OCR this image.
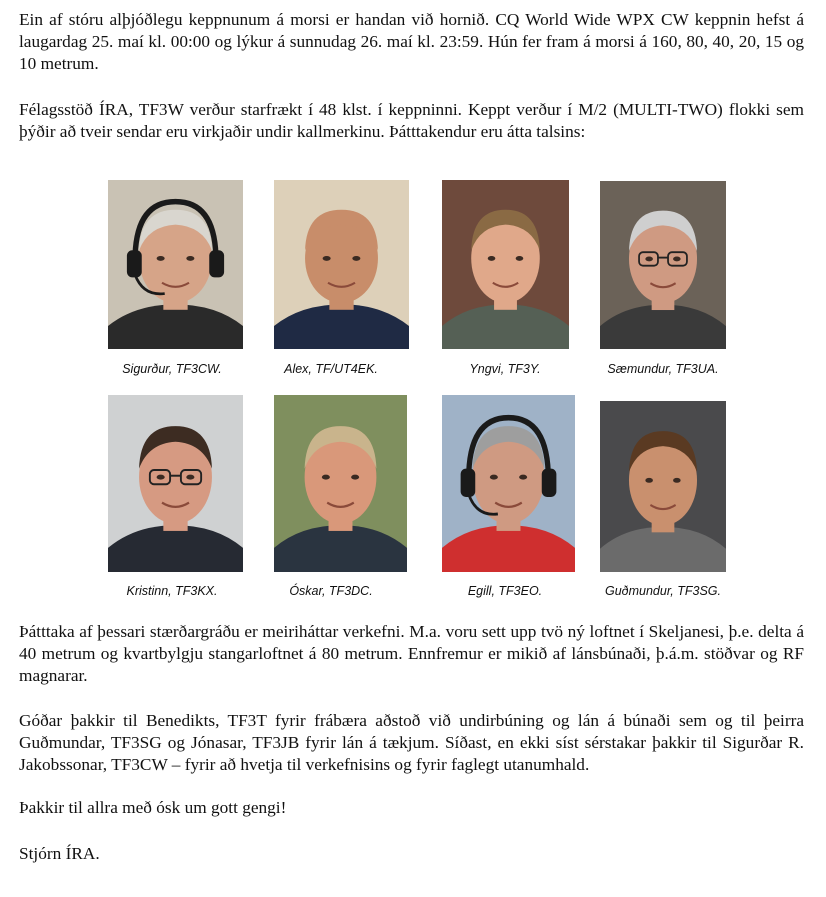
Ein af stóru alþjóðlegu keppnunum á morsi er handan við hornið. CQ World Wide WPX CW keppnin hefst á laugardag 25. maí kl. 00:00 og lýkur á sunnudag 26. maí kl. 23:59. Hún fer fram á morsi á 160, 80, 40, 20, 15 og 10 metrum.

Félagsstöð ÍRA, TF3W verður starfrækt í 48 klst. í keppninni. Keppt verður í M/2 (MULTI-TWO) flokki sem þýðir að tveir sendar eru virkjaðir undir kallmerkinu. Þátttakendur eru átta talsins:

Sigurður, TF3CW.	Alex, TF/UT4EK.	Yngvi, TF3Y.	Sæmundur, TF3UA.

Kristinn, TF3KX.	Óskar, TF3DC.	Egill, TF3EO.	Guðmundur, TF3SG.

Þátttaka af þessari stærðargráðu er meiriháttar verkefni. M.a. voru sett upp tvö ný loftnet í Skeljanesi, þ.e. delta á 40 metrum og kvartbylgju stangarloftnet á 80 metrum. Ennfremur er mikið af lánsbúnaði, þ.á.m. stöðvar og RF magnarar.

Góðar þakkir til Benedikts, TF3T fyrir frábæra aðstoð við undirbúning og lán á búnaði sem og til þeirra Guðmundar, TF3SG og Jónasar, TF3JB fyrir lán á tækjum. Síðast, en ekki síst sérstakar þakkir til Sigurðar R. Jakobssonar, TF3CW – fyrir að hvetja til verkefnisins og fyrir faglegt utanumhald.

Þakkir til allra með ósk um gott gengi!

Stjórn ÍRA.
